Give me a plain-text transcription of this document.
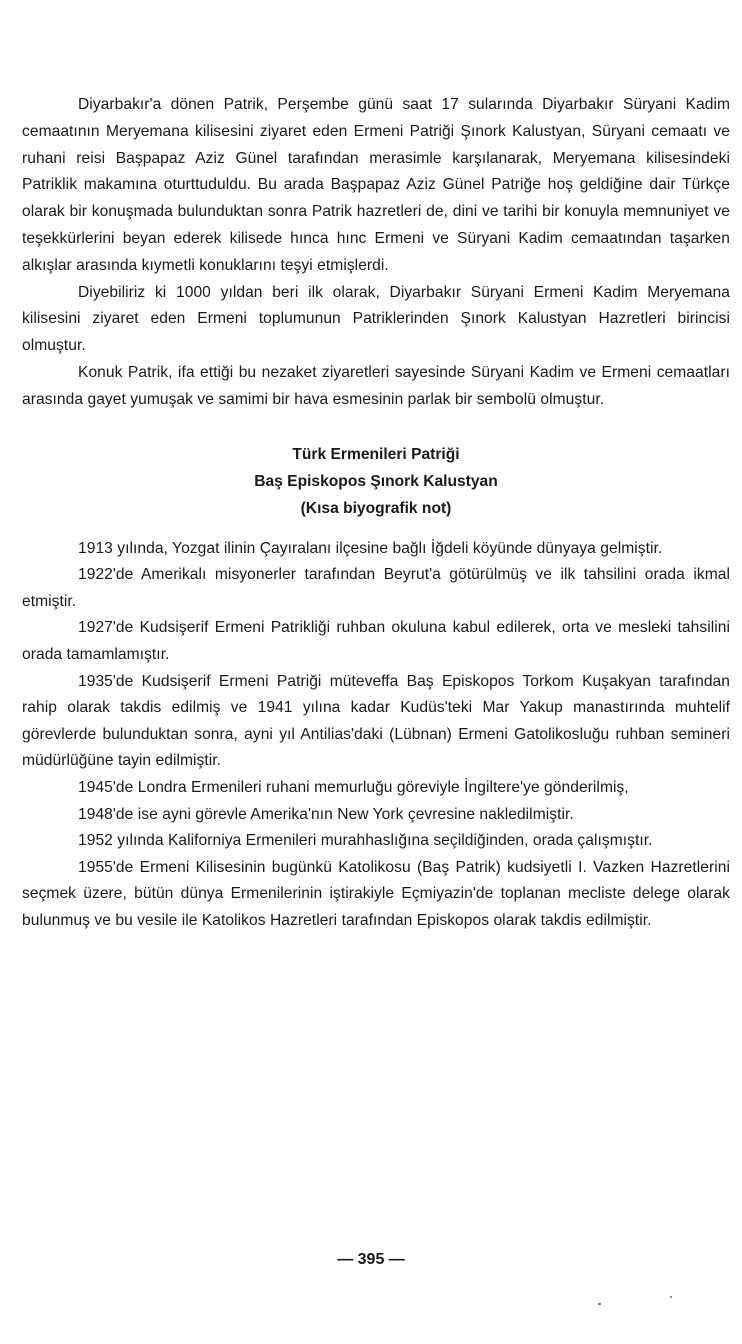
Diyarbakır'a dönen Patrik, Perşembe günü saat 17 sularında Diyarbakır Süryani Kadim cemaatının Meryemana kilisesini ziyaret eden Ermeni Patriği Şınork Kalustyan, Süryani cemaatı ve ruhani reisi Başpapaz Aziz Günel tarafından merasimle karşılanarak, Meryemana kilisesindeki Patriklik makamına oturttuduldu. Bu arada Başpapaz Aziz Günel Patriğe hoş geldiğine dair Türkçe olarak bir konuşmada bulunduktan sonra Patrik hazretleri de, dini ve tarihi bir konuyla memnuniyet ve teşekkürlerini beyan ederek kilisede hınca hınc Ermeni ve Süryani Kadim cemaatından taşarken alkışlar arasında kıymetli konuklarını teşyi etmişlerdi.

Diyebiliriz ki 1000 yıldan beri ilk olarak, Diyarbakır Süryani Ermeni Kadim Meryemana kilisesini ziyaret eden Ermeni toplumunun Patriklerinden Şınork Kalustyan Hazretleri birincisi olmuştur.

Konuk Patrik, ifa ettiği bu nezaket ziyaretleri sayesinde Süryani Kadim ve Ermeni cemaatları arasında gayet yumuşak ve samimi bir hava esmesinin parlak bir sembolü olmuştur.

Türk Ermenileri Patriği
Baş Episkopos Şınork Kalustyan
(Kısa biyografik not)

1913 yılında, Yozgat ilinin Çayıralanı ilçesine bağlı İğdeli köyünde dünyaya gelmiştir.

1922'de Amerikalı misyonerler tarafından Beyrut'a götürülmüş ve ilk tahsilini orada ikmal etmiştir.

1927'de Kudsişerif Ermeni Patrikliği ruhban okuluna kabul edilerek, orta ve mesleki tahsilini orada tamamlamıştır.

1935'de Kudsişerif Ermeni Patriği müteveffa Baş Episkopos Torkom Kuşakyan tarafından rahip olarak takdis edilmiş ve 1941 yılına kadar Kudüs'teki Mar Yakup manastırında muhtelif görevlerde bulunduktan sonra, ayni yıl Antilias'daki (Lübnan) Ermeni Gatolikosluğu ruhban semineri müdürlüğüne tayin edilmiştir.

1945'de Londra Ermenileri ruhani memurluğu göreviyle İngiltere'ye gönderilmiş,

1948'de ise ayni görevle Amerika'nın New York çevresine nakledilmiştir.

1952 yılında Kaliforniya Ermenileri murahhaslığına seçildiğinden, orada çalışmıştır.

1955'de Ermeni Kilisesinin bugünkü Katolikosu (Baş Patrik) kudsiyetli I. Vazken Hazretlerini seçmek üzere, bütün dünya Ermenilerinin iştirakiyle Eçmiyazin'de toplanan mecliste delege olarak bulunmuş ve bu vesile ile Katolikos Hazretleri tarafından Episkopos olarak takdis edilmiştir.

— 395 —
